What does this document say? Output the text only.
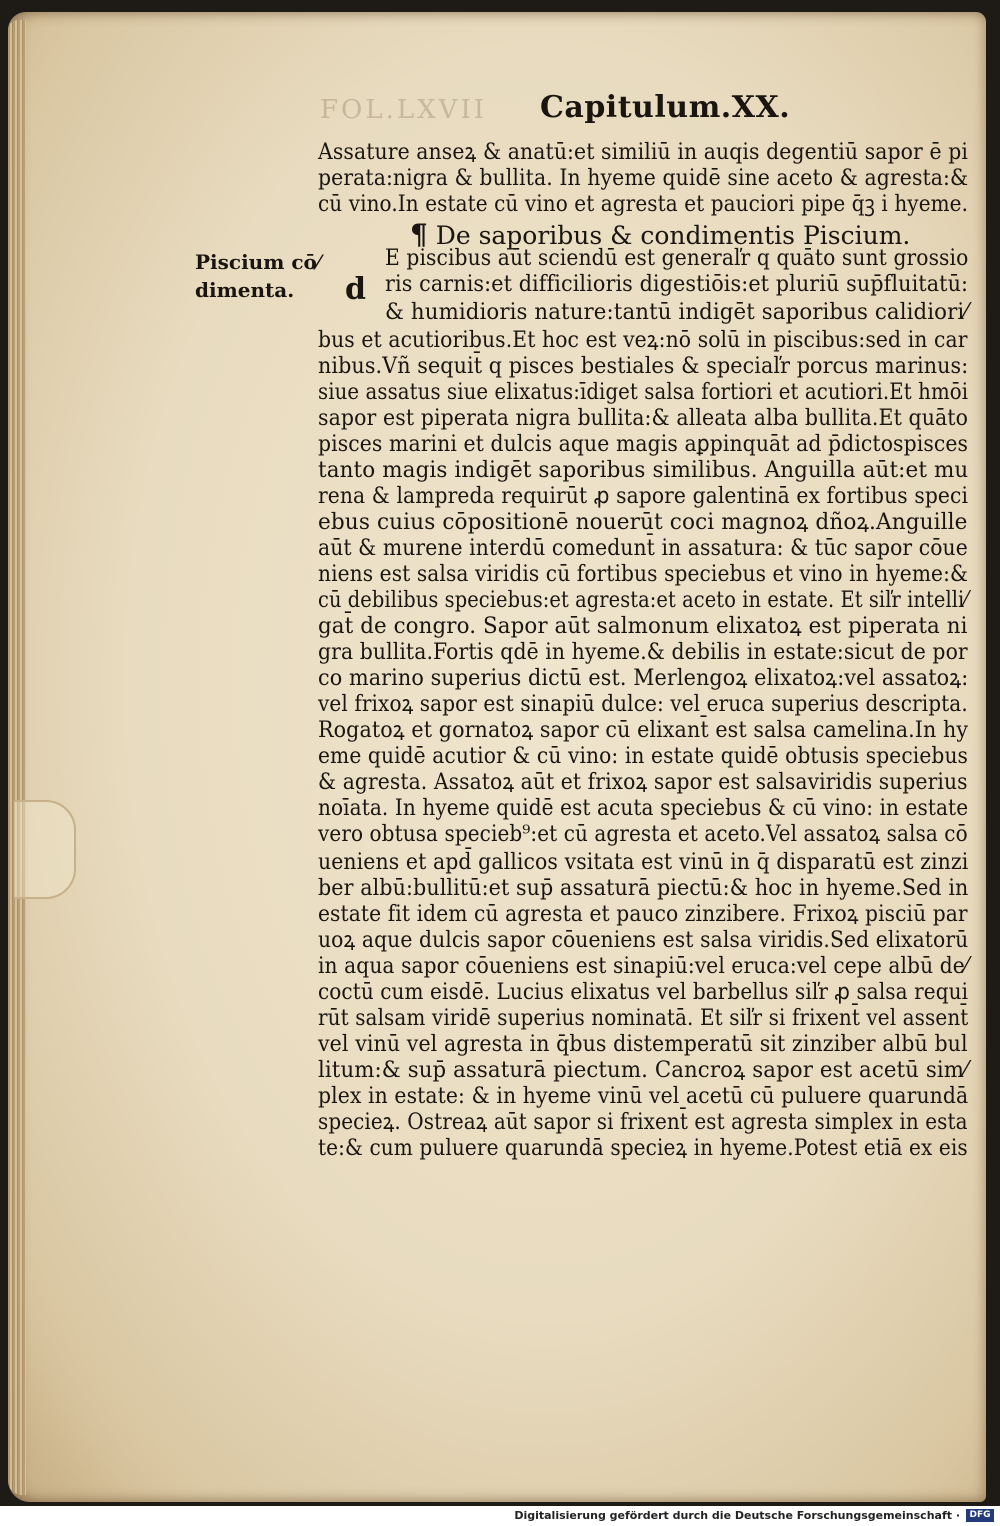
FOL.LXVII Capitulum.XX.
Assature anseꝝ & anatū:et similiū in auqis degentiū sapor ē pi
perata:nigra & bullita. In hyeme quidē sine aceto & agresta:&
cū vino.In estate cū vino et agresta et pauciori pipe q̄ꝫ i hyeme.
¶ De saporibus & condimentis Piscium.
Piscium cō⁄
dimenta. d
E piscibus aūt sciendū est generaľr q quāto sunt grossio
ris carnis:et difficilioris digestiōis:et pluriū sup̄fluitatū:
& humidioris nature:tantū indigēt saporibus calidiori⁄
bus et acutioribus.Et hoc est veꝝ:nō solū in piscibus:sed in car
nibus.Vñ sequit̄ q pisces bestiales & speciaľr porcus marinus:
siue assatus siue elixatus:īdiget salsa fortiori et acutiori.Et hmōi
sapor est piperata nigra bullita:& alleata alba bullita.Et quāto
pisces marini et dulcis aque magis aꝑpinquāt ad p̄dictospisces
tanto magis indigēt saporibus similibus. Anguilla aūt:et mu
rena & lampreda requirūt ꝓ sapore galentinā ex fortibus speci
ebus cuius cōpositionē nouerūt coci magnoꝝ dñoꝝ.Anguille
aūt & murene interdū comedunt̄ in assatura: & tūc sapor cōue
niens est salsa viridis cū fortibus speciebus et vino in hyeme:&
cū debilibus speciebus:et agresta:et aceto in estate. Et siľr intelli⁄
gat̄ de congro. Sapor aūt salmonum elixatoꝝ est piperata ni
gra bullita.Fortis qdē in hyeme.& debilis in estate:sicut de por
co marino superius dictū est. Merlengoꝝ elixatoꝝ:vel assatoꝝ:
vel frixoꝝ sapor est sinapiū dulce: vel eruca superius descripta.
Rogatoꝝ et gornatoꝝ sapor cū elixant̄ est salsa camelina.In hy
eme quidē acutior & cū vino: in estate quidē obtusis speciebus
& agresta. Assatoꝝ aūt et frixoꝝ sapor est salsaviridis superius
noīata. In hyeme quidē est acuta speciebus & cū vino: in estate
vero obtusa specieb⁹:et cū agresta et aceto.Vel assatoꝝ salsa cō
ueniens et apd̄ gallicos vsitata est vinū in q̄ disparatū est zinzi
ber albū:bullitū:et sup̄ assaturā piectū:& hoc in hyeme.Sed in
estate fit idem cū agresta et pauco zinzibere. Frixoꝝ pisciū par
uoꝝ aque dulcis sapor cōueniens est salsa viridis.Sed elixatorū
in aqua sapor cōueniens est sinapiū:vel eruca:vel cepe albū de⁄
coctū cum eisdē. Lucius elixatus vel barbellus siľr ꝓ salsa requi
rūt salsam viridē superius nominatā. Et siľr si frixent̄ vel assent̄
vel vinū vel agresta in q̄bus distemperatū sit zinziber albū bul
litum:& sup̄ assaturā piectum. Cancroꝝ sapor est acetū sim⁄
plex in estate: & in hyeme vinū vel acetū cū puluere quarundā
specieꝝ. Ostreaꝝ aūt sapor si frixent̄ est agresta simplex in esta
te:& cum puluere quarundā specieꝝ in hyeme.Potest etiā ex eis
Digitalisierung gefördert durch die Deutsche Forschungsgemeinschaft ·	DFG
